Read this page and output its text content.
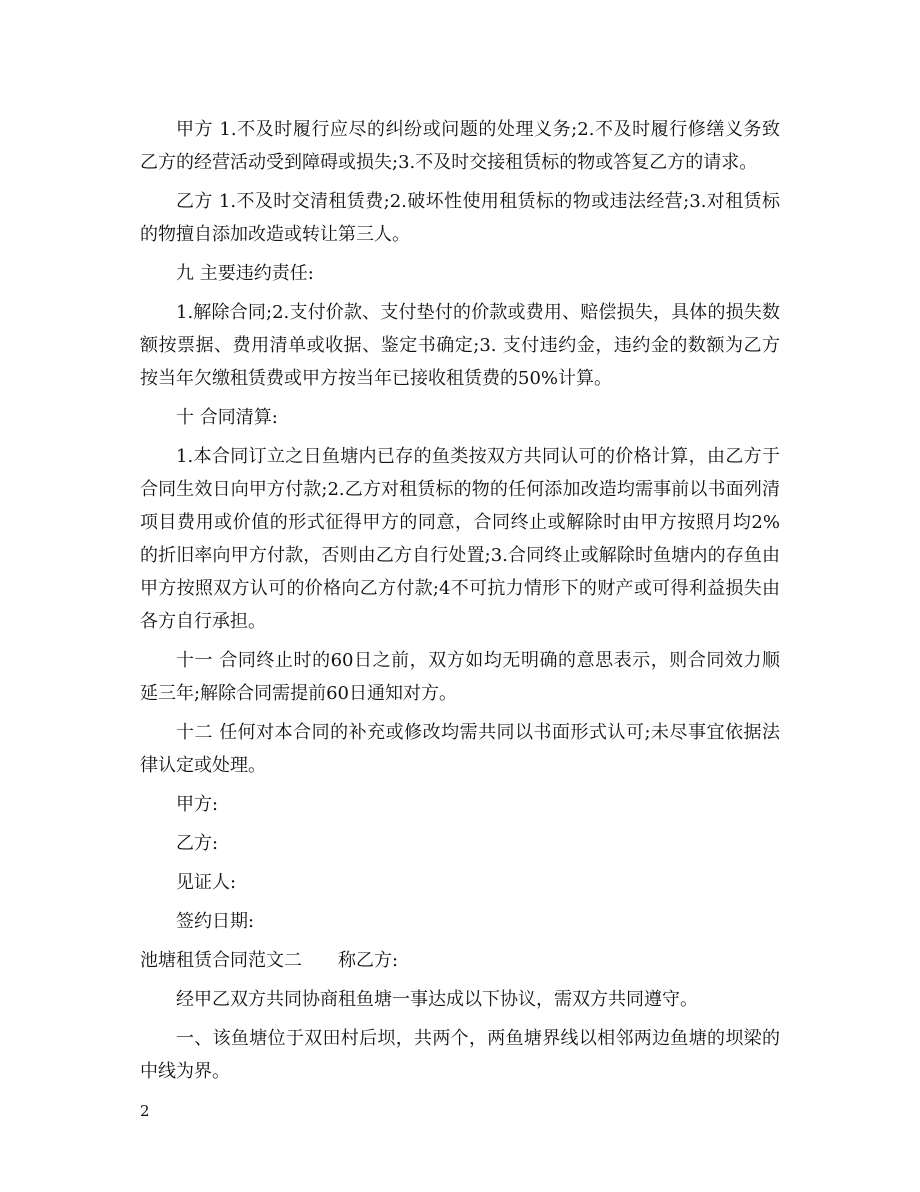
甲方 1.不及时履行应尽的纠纷或问题的处理义务;2.不及时履行修缮义务致乙方的经营活动受到障碍或损失;3.不及时交接租赁标的物或答复乙方的请求。

乙方 1.不及时交清租赁费;2.破坏性使用租赁标的物或违法经营;3.对租赁标的物擅自添加改造或转让第三人。

九 主要违约责任:

1.解除合同;2.支付价款、支付垫付的价款或费用、赔偿损失，具体的损失数额按票据、费用清单或收据、鉴定书确定;3. 支付违约金，违约金的数额为乙方按当年欠缴租赁费或甲方按当年已接收租赁费的50%计算。

十 合同清算:

1.本合同订立之日鱼塘内已存的鱼类按双方共同认可的价格计算，由乙方于合同生效日向甲方付款;2.乙方对租赁标的物的任何添加改造均需事前以书面列清项目费用或价值的形式征得甲方的同意，合同终止或解除时由甲方按照月均2%的折旧率向甲方付款，否则由乙方自行处置;3.合同终止或解除时鱼塘内的存鱼由甲方按照双方认可的价格向乙方付款;4不可抗力情形下的财产或可得利益损失由各方自行承担。

十一 合同终止时的60日之前，双方如均无明确的意思表示，则合同效力顺延三年;解除合同需提前60日通知对方。

十二 任何对本合同的补充或修改均需共同以书面形式认可;未尽事宜依据法律认定或处理。

甲方:

乙方:

见证人:

签约日期:

池塘租赁合同范文二　　称乙方:

经甲乙双方共同协商租鱼塘一事达成以下协议，需双方共同遵守。

一、该鱼塘位于双田村后坝，共两个，两鱼塘界线以相邻两边鱼塘的坝梁的中线为界。

2
